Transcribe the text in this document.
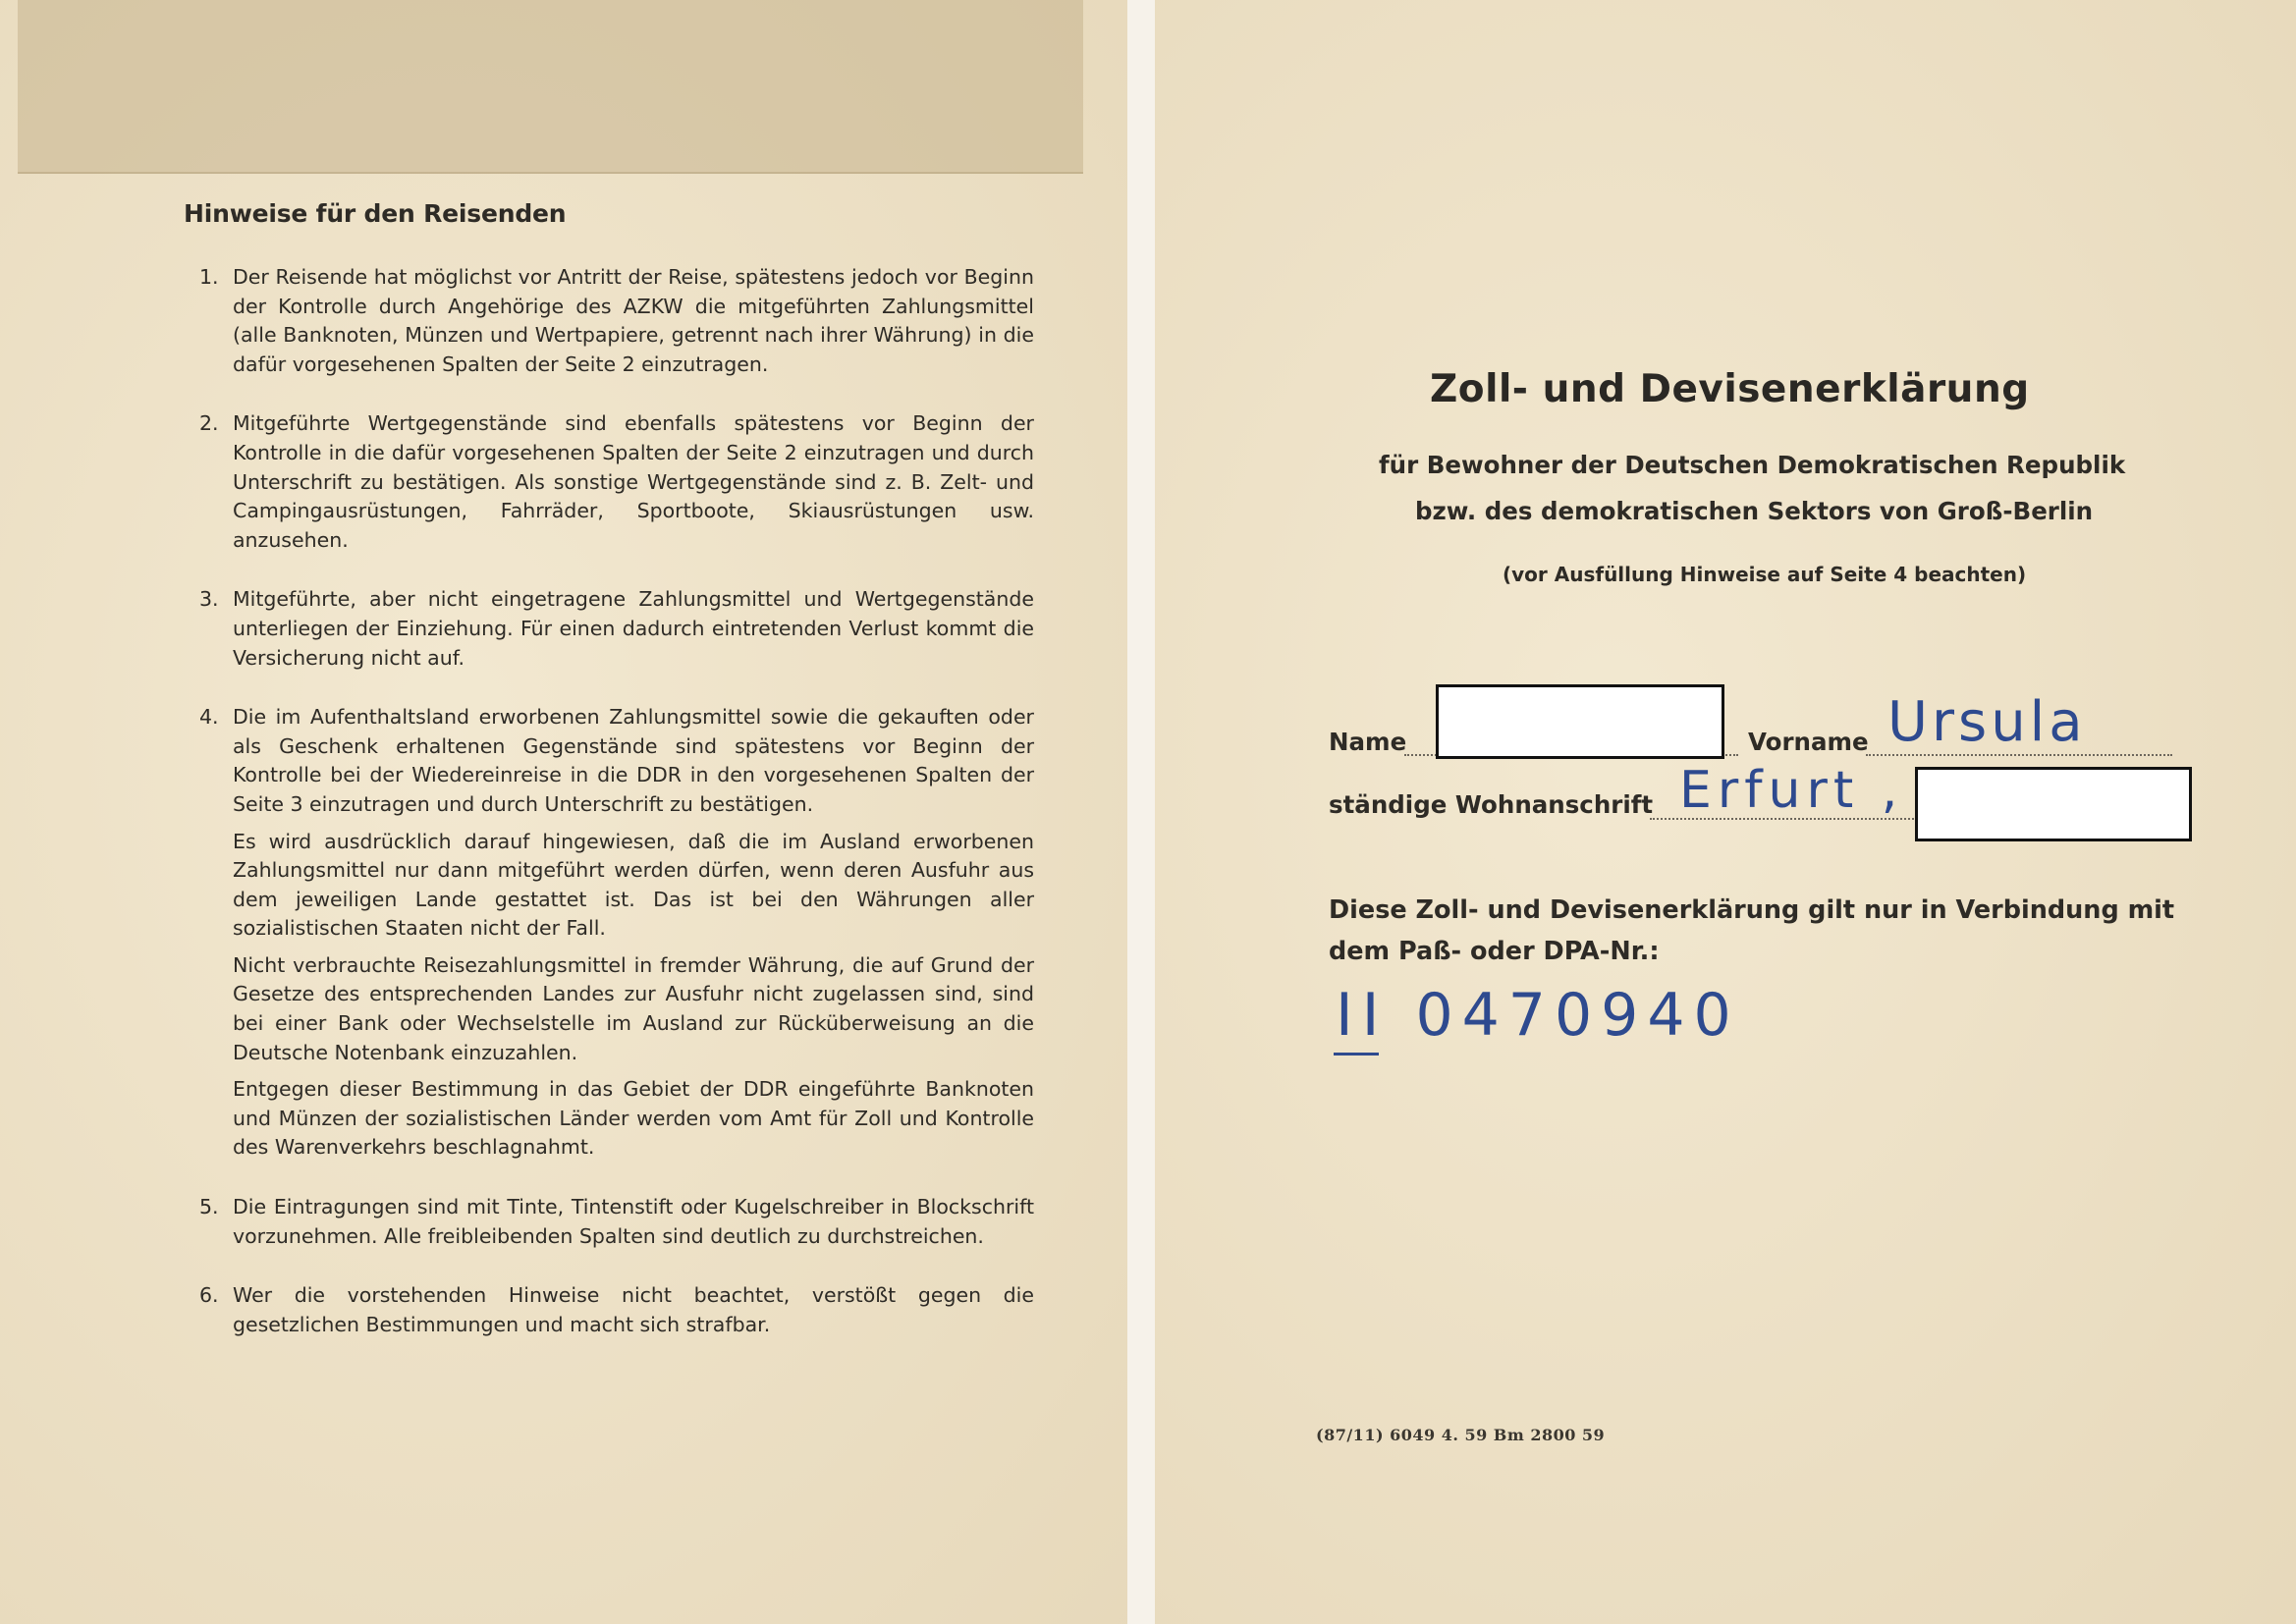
Hinweise für den Reisenden
1. Der Reisende hat möglichst vor Antritt der Reise, spätestens jedoch vor Beginn der Kontrolle durch Angehörige des AZKW die mitgeführten Zahlungsmittel (alle Banknoten, Münzen und Wertpapiere, getrennt nach ihrer Währung) in die dafür vorgesehenen Spalten der Seite 2 einzutragen.

2. Mitgeführte Wertgegenstände sind ebenfalls spätestens vor Beginn der Kontrolle in die dafür vorgesehenen Spalten der Seite 2 einzutragen und durch Unterschrift zu bestätigen. Als sonstige Wertgegenstände sind z. B. Zelt- und Campingausrüstungen, Fahrräder, Sportboote, Skiausrüstungen usw. anzusehen.

3. Mitgeführte, aber nicht eingetragene Zahlungsmittel und Wertgegenstände unterliegen der Einziehung. Für einen dadurch eintretenden Verlust kommt die Versicherung nicht auf.

4. Die im Aufenthaltsland erworbenen Zahlungsmittel sowie die gekauften oder als Geschenk erhaltenen Gegenstände sind spätestens vor Beginn der Kontrolle bei der Wiedereinreise in die DDR in den vorgesehenen Spalten der Seite 3 einzutragen und durch Unterschrift zu bestätigen.

Es wird ausdrücklich darauf hingewiesen, daß die im Ausland erworbenen Zahlungsmittel nur dann mitgeführt werden dürfen, wenn deren Ausfuhr aus dem jeweiligen Lande gestattet ist. Das ist bei den Währungen aller sozialistischen Staaten nicht der Fall.

Nicht verbrauchte Reisezahlungsmittel in fremder Währung, die auf Grund der Gesetze des entsprechenden Landes zur Ausfuhr nicht zugelassen sind, sind bei einer Bank oder Wechselstelle im Ausland zur Rücküberweisung an die Deutsche Notenbank einzuzahlen.

Entgegen dieser Bestimmung in das Gebiet der DDR eingeführte Banknoten und Münzen der sozialistischen Länder werden vom Amt für Zoll und Kontrolle des Warenverkehrs beschlagnahmt.

5. Die Eintragungen sind mit Tinte, Tintenstift oder Kugelschreiber in Blockschrift vorzunehmen. Alle freibleibenden Spalten sind deutlich zu durchstreichen.

6. Wer die vorstehenden Hinweise nicht beachtet, verstößt gegen die gesetzlichen Bestimmungen und macht sich strafbar.

Zoll- und Devisenerklärung
für Bewohner der Deutschen Demokratischen Republik
bzw. des demokratischen Sektors von Groß-Berlin
(vor Ausfüllung Hinweise auf Seite 4 beachten)
Name	Vorname Ursula
ständige Wohnanschrift Erfurt ,
Diese Zoll- und Devisenerklärung gilt nur in Verbindung mit dem Paß- oder DPA-Nr.:
II 0470940
(87/11) 6049 4. 59 Bm 2800 59
